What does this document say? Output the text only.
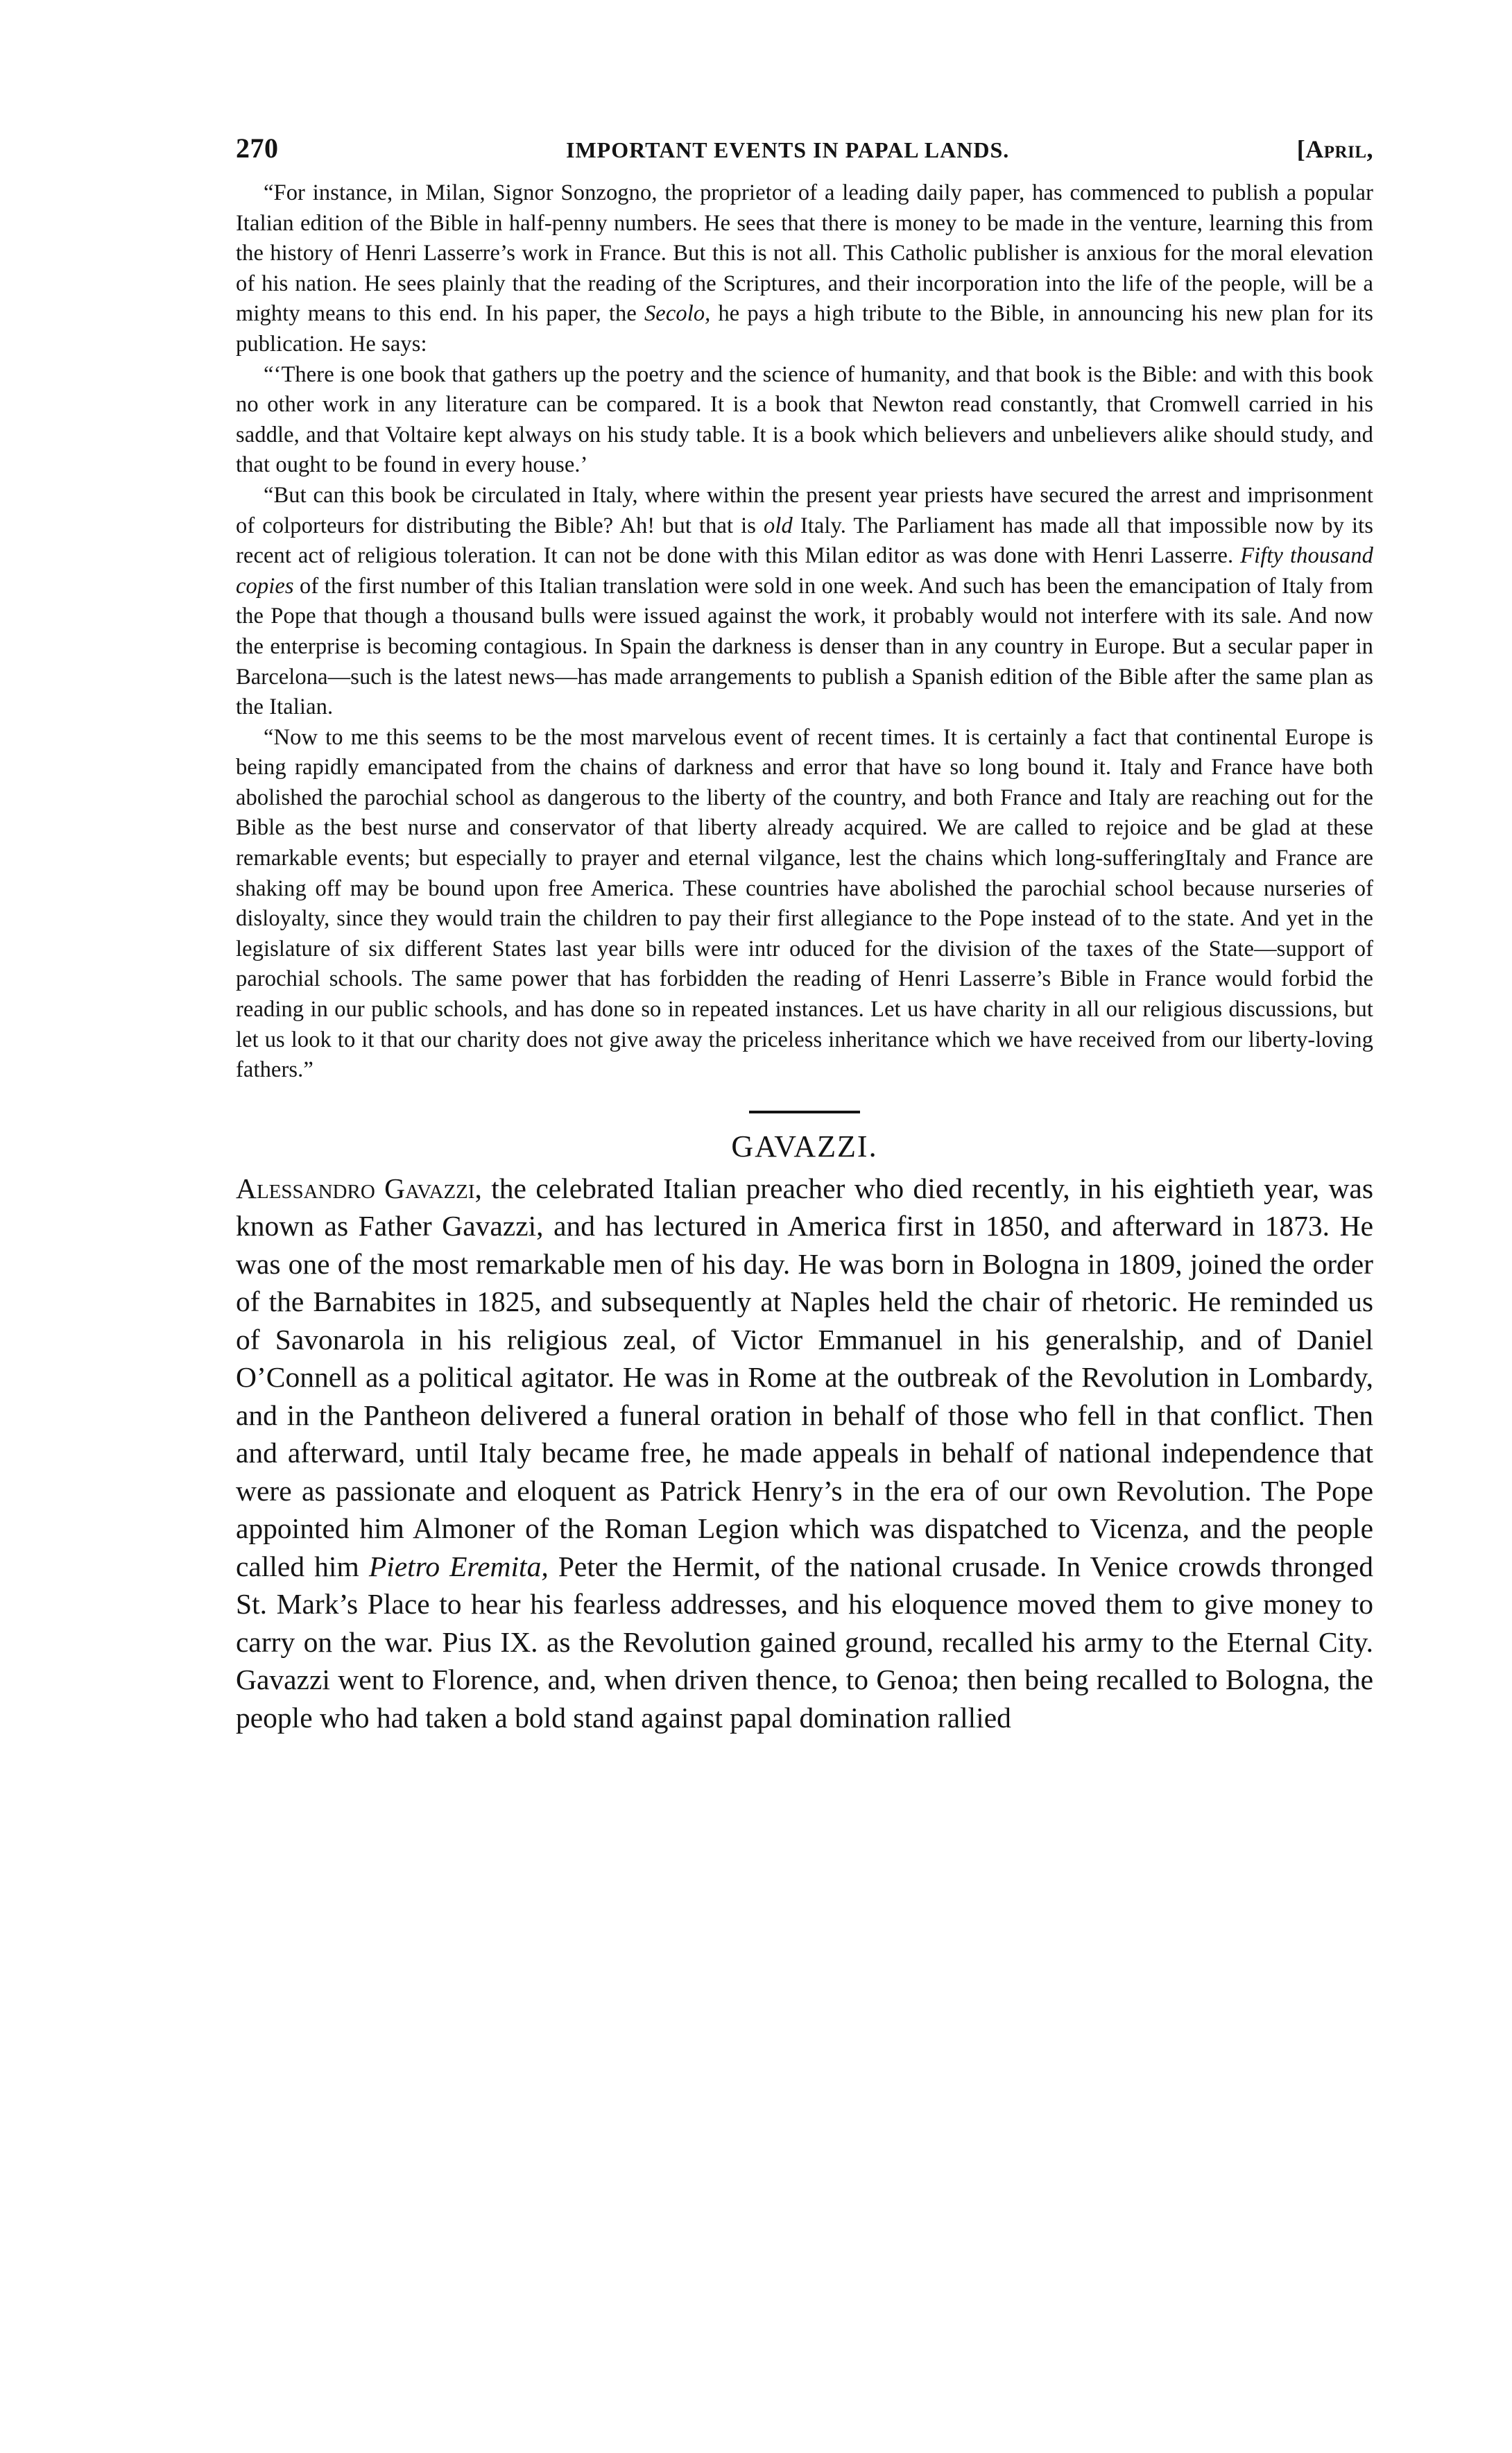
270	IMPORTANT EVENTS IN PAPAL LANDS.	[April,

“For instance, in Milan, Signor Sonzogno, the proprietor of a leading daily paper, has commenced to publish a popular Italian edition of the Bible in half-penny numbers. He sees that there is money to be made in the venture, learning this from the history of Henri Lasserre’s work in France. But this is not all. This Catholic publisher is anxious for the moral elevation of his nation. He sees plainly that the reading of the Scriptures, and their incorporation into the life of the people, will be a mighty means to this end. In his paper, the Secolo, he pays a high tribute to the Bible, in announcing his new plan for its publication. He says:

“‘There is one book that gathers up the poetry and the science of humanity, and that book is the Bible: and with this book no other work in any literature can be compared. It is a book that Newton read constantly, that Cromwell carried in his saddle, and that Voltaire kept always on his study table. It is a book which believers and unbelievers alike should study, and that ought to be found in every house.’

“But can this book be circulated in Italy, where within the present year priests have secured the arrest and imprisonment of colporteurs for distributing the Bible? Ah! but that is old Italy. The Parliament has made all that impossible now by its recent act of religious toleration. It can not be done with this Milan editor as was done with Henri Lasserre. Fifty thousand copies of the first number of this Italian translation were sold in one week. And such has been the emancipation of Italy from the Pope that though a thousand bulls were issued against the work, it probably would not interfere with its sale. And now the enterprise is becoming contagious. In Spain the darkness is denser than in any country in Europe. But a secular paper in Barcelona—such is the latest news—has made arrangements to publish a Spanish edition of the Bible after the same plan as the Italian.

“Now to me this seems to be the most marvelous event of recent times. It is certainly a fact that continental Europe is being rapidly emancipated from the chains of darkness and error that have so long bound it. Italy and France have both abolished the parochial school as dangerous to the liberty of the country, and both France and Italy are reaching out for the Bible as the best nurse and conservator of that liberty already acquired. We are called to rejoice and be glad at these remarkable events; but especially to prayer and eternal vilgance, lest the chains which long-sufferingItaly and France are shaking off may be bound upon free America. These countries have abolished the parochial school because nurseries of disloyalty, since they would train the children to pay their first allegiance to the Pope instead of to the state. And yet in the legislature of six different States last year bills were intr oduced for the division of the taxes of the State—support of parochial schools. The same power that has forbidden the reading of Henri Lasserre’s Bible in France would forbid the reading in our public schools, and has done so in repeated instances. Let us have charity in all our religious discussions, but let us look to it that our charity does not give away the priceless inheritance which we have received from our liberty-loving fathers.”

GAVAZZI.

Alessandro Gavazzi, the celebrated Italian preacher who died recently, in his eightieth year, was known as Father Gavazzi, and has lectured in America first in 1850, and afterward in 1873. He was one of the most remarkable men of his day. He was born in Bologna in 1809, joined the order of the Barnabites in 1825, and subsequently at Naples held the chair of rhetoric. He reminded us of Savonarola in his religious zeal, of Victor Emmanuel in his generalship, and of Daniel O’Connell as a political agitator. He was in Rome at the outbreak of the Revolution in Lombardy, and in the Pantheon delivered a funeral oration in behalf of those who fell in that conflict. Then and afterward, until Italy became free, he made appeals in behalf of national independence that were as passionate and eloquent as Patrick Henry’s in the era of our own Revolution. The Pope appointed him Almoner of the Roman Legion which was dispatched to Vicenza, and the people called him Pietro Eremita, Peter the Hermit, of the national crusade. In Venice crowds thronged St. Mark’s Place to hear his fearless addresses, and his eloquence moved them to give money to carry on the war. Pius IX. as the Revolution gained ground, recalled his army to the Eternal City. Gavazzi went to Florence, and, when driven thence, to Genoa; then being recalled to Bologna, the people who had taken a bold stand against papal domination rallied
